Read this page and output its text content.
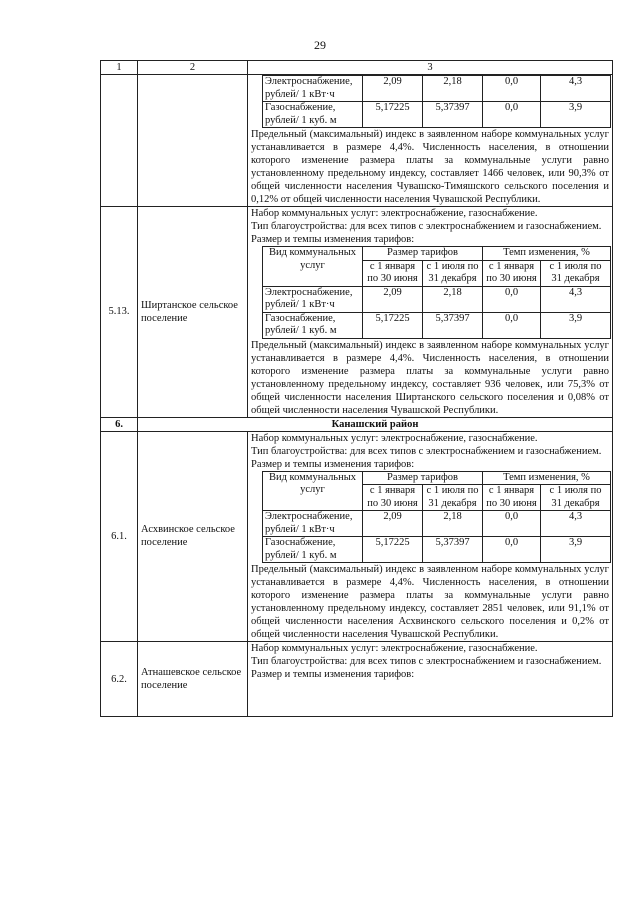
29
1	2	3

Электроснабжение, рублей/ 1 кВт·ч	2,09	2,18	0,0	4,3
Газоснабжение, рублей/ 1 куб. м	5,17225	5,37397	0,0	3,9
Предельный (максимальный) индекс в заявленном наборе коммунальных услуг устанавливается в размере 4,4%. Численность населения, в отношении которого изменение размера платы за коммунальные услуги равно установленному предельному индексу, составляет 1466 человек, или 90,3% от общей численности населения Чувашско-Тимяшского сельского поселения и 0,12% от общей численности населения Чувашской Республики.

5.13.	Ширтанское сельское поселение	
Набор коммунальных услуг: электроснабжение, газоснабжение.
Тип благоустройства: для всех типов с электроснабжением и газоснабжением.
Размер и темпы изменения тарифов:
Вид коммунальных услуг	Размер тарифов	Темп изменения, %
с 1 января по 30 июня	с 1 июля по 31 декабря	с 1 января по 30 июня	с 1 июля по 31 декабря
Электроснабжение, рублей/ 1 кВт·ч	2,09	2,18	0,0	4,3
Газоснабжение, рублей/ 1 куб. м	5,17225	5,37397	0,0	3,9
Предельный (максимальный) индекс в заявленном наборе коммунальных услуг устанавливается в размере 4,4%. Численность населения, в отношении которого изменение размера платы за коммунальные услуги равно установленному предельному индексу, составляет 936 человек, или 75,3% от общей численности населения Ширтанского сельского поселения и 0,08% от общей численности населения Чувашской Республики.

6.	Канашский район
6.1.	Асхвинское сельское поселение	
Набор коммунальных услуг: электроснабжение, газоснабжение.
Тип благоустройства: для всех типов с электроснабжением и газоснабжением.
Размер и темпы изменения тарифов:
Вид коммунальных услуг	Размер тарифов	Темп изменения, %
с 1 января по 30 июня	с 1 июля по 31 декабря	с 1 января по 30 июня	с 1 июля по 31 декабря
Электроснабжение, рублей/ 1 кВт·ч	2,09	2,18	0,0	4,3
Газоснабжение, рублей/ 1 куб. м	5,17225	5,37397	0,0	3,9
Предельный (максимальный) индекс в заявленном наборе коммунальных услуг устанавливается в размере 4,4%. Численность населения, в отношении которого изменение размера платы за коммунальные услуги равно установленному предельному индексу, составляет 2851 человек, или 91,1% от общей численности населения Асхвинского сельского поселения и 0,2% от общей численности населения Чувашской Республики.

6.2.	Атнашевское сельское поселение	
Набор коммунальных услуг: электроснабжение, газоснабжение.
Тип благоустройства: для всех типов с электроснабжением и газоснабжением.
Размер и темпы изменения тарифов:
